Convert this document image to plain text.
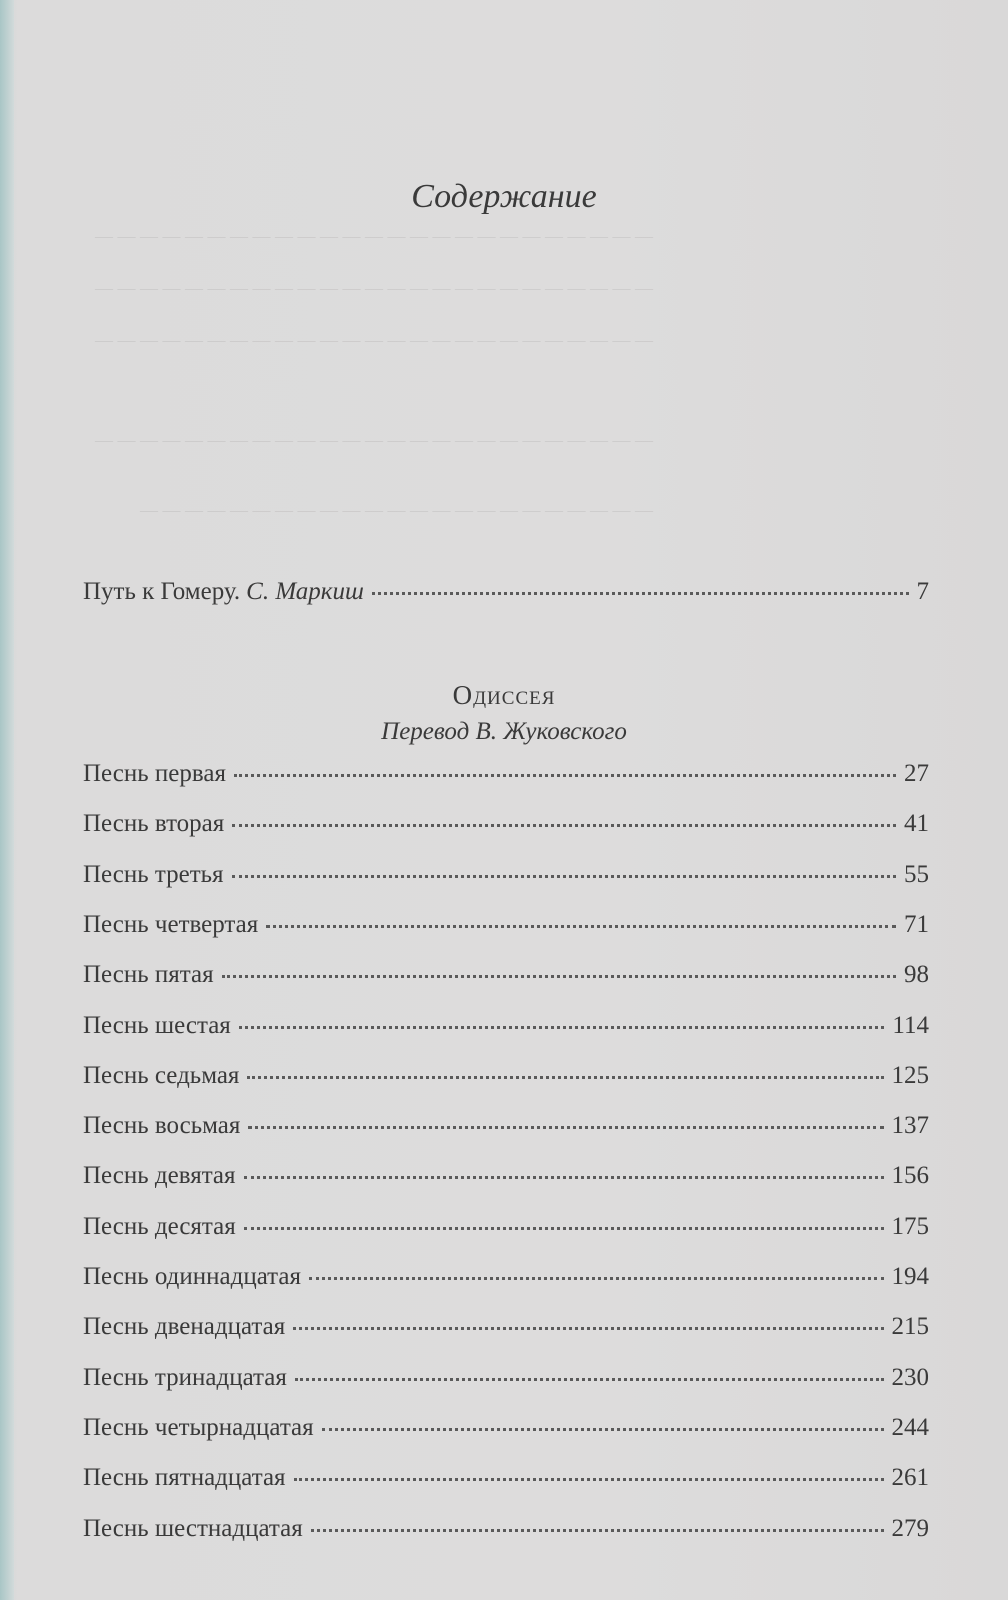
— — — — — — — — — — — — — — — — — — — — — — — — —
— — — — — — — — — — — — — — — — — — — — — — — — —
— — — — — — — — — — — — — — — — — — — — — — — — —
— — — — — — — — — — — — — — — — — — — — — — — — —
— — — — — — — — — — — — — — — — — — — — — — —
Содержание
Путь к Гомеру. С. Маркиш	7
Одиссея
Перевод В. Жуковского
Песнь первая	27
Песнь вторая	41
Песнь третья	55
Песнь четвертая	71
Песнь пятая	98
Песнь шестая	114
Песнь седьмая	125
Песнь восьмая	137
Песнь девятая	156
Песнь десятая	175
Песнь одиннадцатая	194
Песнь двенадцатая	215
Песнь тринадцатая	230
Песнь четырнадцатая	244
Песнь пятнадцатая	261
Песнь шестнадцатая	279
